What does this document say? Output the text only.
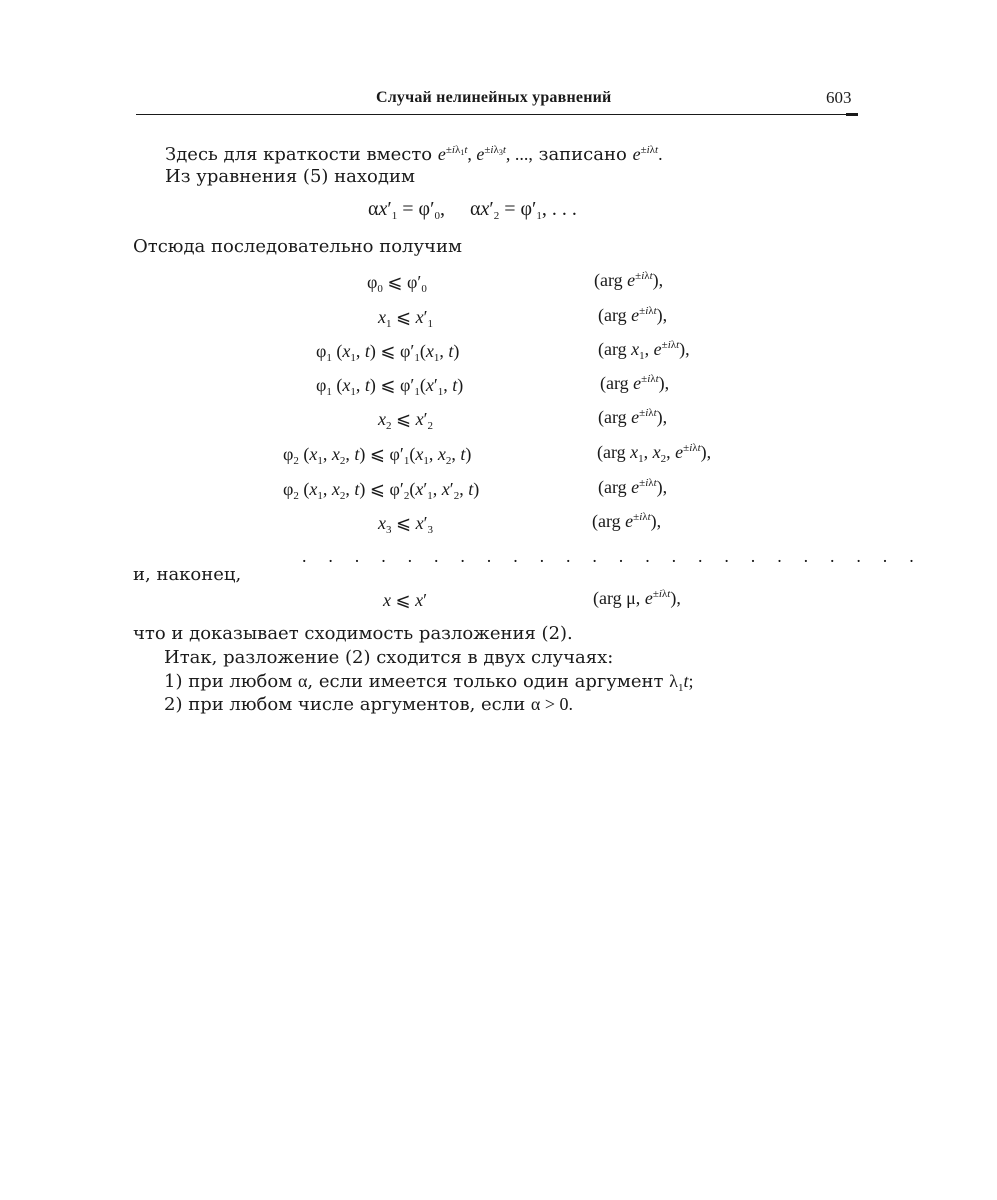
Случай нелинейных уравнений	603
Здесь для краткости вместо $e^{\pm i\lambda_1t}$, $e^{\pm i\lambda_3t}$, ..., записано $e^{\pm i\lambda t}$.
Из уравнения (5) находим
$\alpha x'_1 = \varphi'_0$,     $\alpha x'_2 = \varphi'_1$, . . .
Отсюда последовательно получим
$\varphi_0$ ⩽ $\varphi'_0$	(arg $e^{\pm i\lambda t}$),
$x_1$ ⩽ $x'_1$	(arg $e^{\pm i\lambda t}$),
$\varphi_1$ ($x_1$, t) ⩽ $\varphi'_1(x_1$, t)	(arg $x_1$, $e^{\pm i\lambda t}$),
$\varphi_1$ ($x_1$, t) ⩽ $\varphi'_1(x'_1$, t)	(arg $e^{\pm i\lambda t}$),
$x_2$ ⩽ $x'_2$	(arg $e^{\pm i\lambda t}$),
$\varphi_2$ ($x_1$, $x_2$, t) ⩽ $\varphi'_1(x_1$, $x_2$, t)	(arg $x_1$, $x_2$, $e^{\pm i\lambda t}$),
$\varphi_2$ ($x_1$, $x_2$, t) ⩽ $\varphi'_2(x'_1$, $x'_2$, t)	(arg $e^{\pm i\lambda t}$),
$x_3$ ⩽ $x'_3$	(arg $e^{\pm i\lambda t}$),
. . . . . . . . . . . . . . . . . . . . . . . .
и, наконец,
x ⩽ x′	(arg μ, $e^{\pm i\lambda t}$),
что и доказывает сходимость разложения (2).
Итак, разложение (2) сходится в двух случаях:
1) при любом α, если имеется только один аргумент $\lambda_1t$;
2) при любом числе аргументов, если α > 0.
